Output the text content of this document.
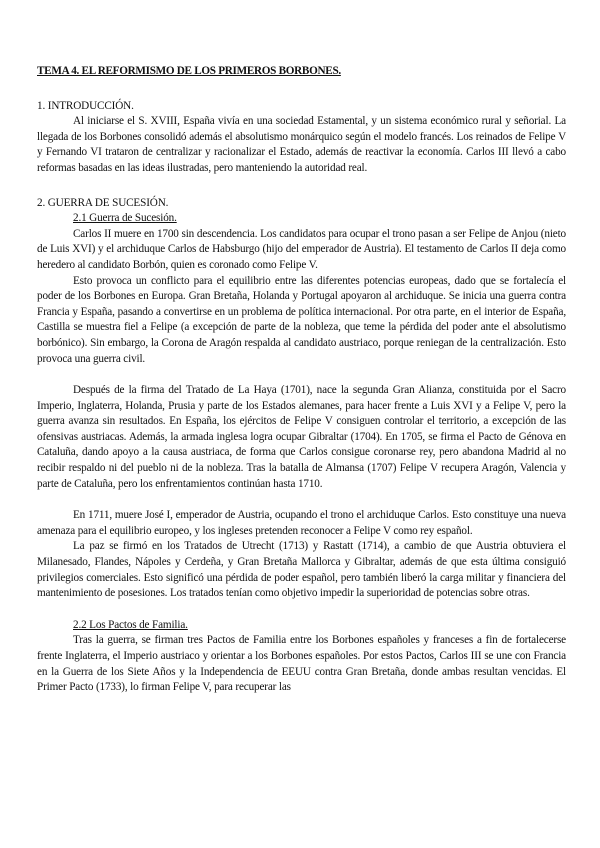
TEMA 4. EL REFORMISMO DE LOS PRIMEROS BORBONES.
1. INTRODUCCIÓN.

Al iniciarse el S. XVIII, España vivía en una sociedad Estamental, y un sistema económico rural y señorial. La llegada de los Borbones consolidó además el absolutismo monárquico según el modelo francés. Los reinados de Felipe V y Fernando VI trataron de centralizar y racionalizar el Estado, además de reactivar la economía. Carlos III llevó a cabo reformas basadas en las ideas ilustradas, pero manteniendo la autoridad real.

2. GUERRA DE SUCESIÓN.
2.1 Guerra de Sucesión.

Carlos II muere en 1700 sin descendencia. Los candidatos para ocupar el trono pasan a ser Felipe de Anjou (nieto de Luis XVI) y el archiduque Carlos de Habsburgo (hijo del emperador de Austria). El testamento de Carlos II deja como heredero al candidato Borbón, quien es coronado como Felipe V.

Esto provoca un conflicto para el equilibrio entre las diferentes potencias europeas, dado que se fortalecía el poder de los Borbones en Europa. Gran Bretaña, Holanda y Portugal apoyaron al archiduque. Se inicia una guerra contra Francia y España, pasando a convertirse en un problema de política internacional. Por otra parte, en el interior de España, Castilla se muestra fiel a Felipe (a excepción de parte de la nobleza, que teme la pérdida del poder ante el absolutismo borbónico). Sin embargo, la Corona de Aragón respalda al candidato austriaco, porque reniegan de la centralización. Esto provoca una guerra civil.

Después de la firma del Tratado de La Haya (1701), nace la segunda Gran Alianza, constituida por el Sacro Imperio, Inglaterra, Holanda, Prusia y parte de los Estados alemanes, para hacer frente a Luis XVI y a Felipe V, pero la guerra avanza sin resultados. En España, los ejércitos de Felipe V consiguen controlar el territorio, a excepción de las ofensivas austriacas. Además, la armada inglesa logra ocupar Gibraltar (1704). En 1705, se firma el Pacto de Génova en Cataluña, dando apoyo a la causa austriaca, de forma que Carlos consigue coronarse rey, pero abandona Madrid al no recibir respaldo ni del pueblo ni de la nobleza. Tras la batalla de Almansa (1707) Felipe V recupera Aragón, Valencia y parte de Cataluña, pero los enfrentamientos continúan hasta 1710.

En 1711, muere José I, emperador de Austria, ocupando el trono el archiduque Carlos. Esto constituye una nueva amenaza para el equilibrio europeo, y los ingleses pretenden reconocer a Felipe V como rey español.

La paz se firmó en los Tratados de Utrecht (1713) y Rastatt (1714), a cambio de que Austria obtuviera el Milanesado, Flandes, Nápoles y Cerdeña, y Gran Bretaña Mallorca y Gibraltar, además de que esta última consiguió privilegios comerciales. Esto significó una pérdida de poder español, pero también liberó la carga militar y financiera del mantenimiento de posesiones. Los tratados tenían como objetivo impedir la superioridad de potencias sobre otras.

2.2 Los Pactos de Familia.

Tras la guerra, se firman tres Pactos de Familia entre los Borbones españoles y franceses a fin de fortalecerse frente Inglaterra, el Imperio austriaco y orientar a los Borbones españoles. Por estos Pactos, Carlos III se une con Francia en la Guerra de los Siete Años y la Independencia de EEUU contra Gran Bretaña, donde ambas resultan vencidas. El Primer Pacto (1733), lo firman Felipe V, para recuperar las
